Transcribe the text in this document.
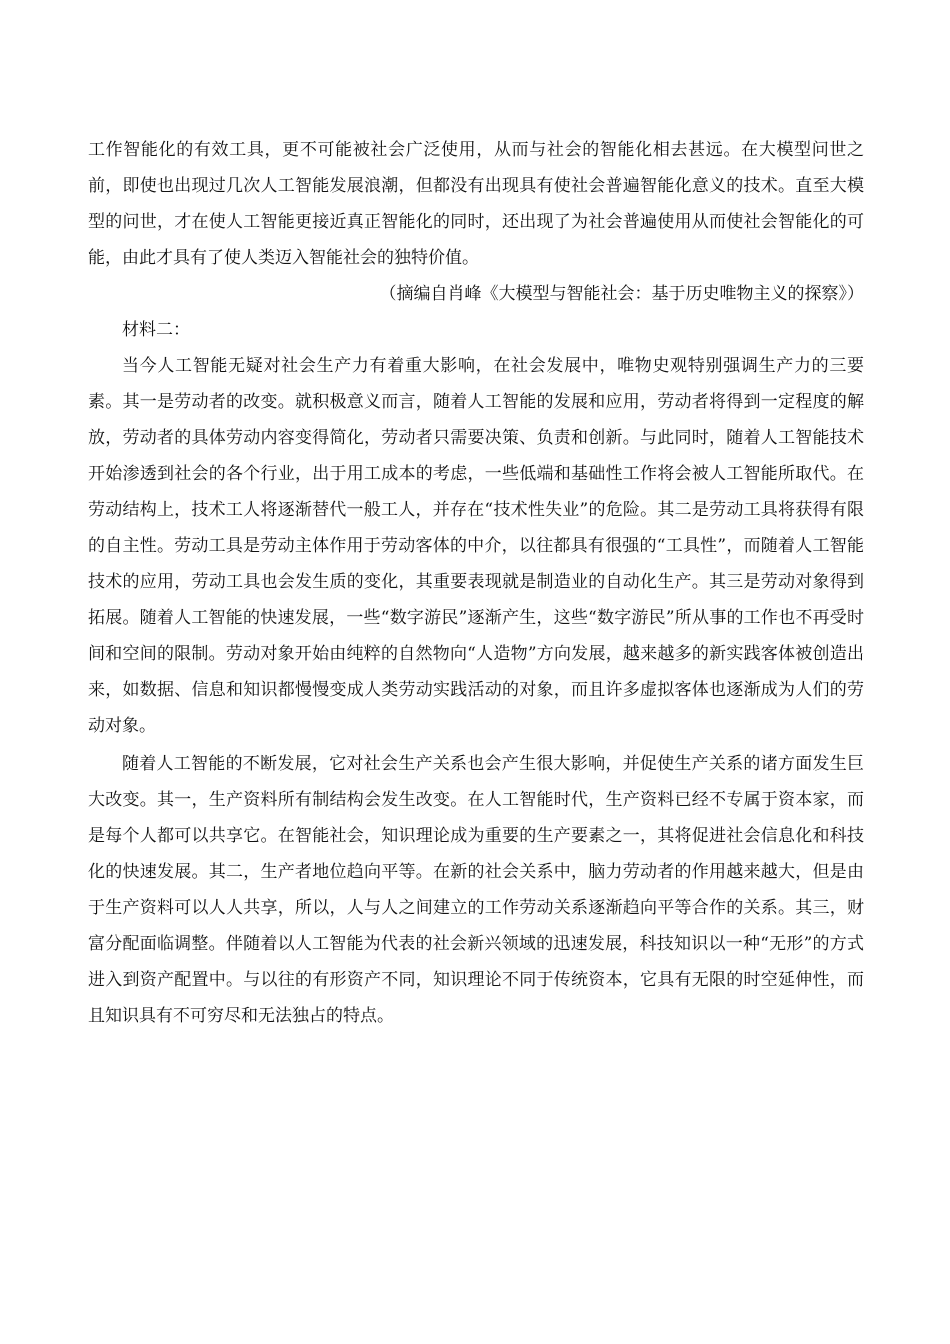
工作智能化的有效工具，更不可能被社会广泛使用，从而与社会的智能化相去甚远。在大模型问世之前，即使也出现过几次人工智能发展浪潮，但都没有出现具有使社会普遍智能化意义的技术。直至大模型的问世，才在使人工智能更接近真正智能化的同时，还出现了为社会普遍使用从而使社会智能化的可能，由此才具有了使人类迈入智能社会的独特价值。

（摘编自肖峰《大模型与智能社会：基于历史唯物主义的探察》）

材料二：

当今人工智能无疑对社会生产力有着重大影响，在社会发展中，唯物史观特别强调生产力的三要素。其一是劳动者的改变。就积极意义而言，随着人工智能的发展和应用，劳动者将得到一定程度的解放，劳动者的具体劳动内容变得简化，劳动者只需要决策、负责和创新。与此同时，随着人工智能技术开始渗透到社会的各个行业，出于用工成本的考虑，一些低端和基础性工作将会被人工智能所取代。在劳动结构上，技术工人将逐渐替代一般工人，并存在“技术性失业”的危险。其二是劳动工具将获得有限的自主性。劳动工具是劳动主体作用于劳动客体的中介，以往都具有很强的“工具性”，而随着人工智能技术的应用，劳动工具也会发生质的变化，其重要表现就是制造业的自动化生产。其三是劳动对象得到拓展。随着人工智能的快速发展，一些“数字游民”逐渐产生，这些“数字游民”所从事的工作也不再受时间和空间的限制。劳动对象开始由纯粹的自然物向“人造物”方向发展，越来越多的新实践客体被创造出来，如数据、信息和知识都慢慢变成人类劳动实践活动的对象，而且许多虚拟客体也逐渐成为人们的劳动对象。

随着人工智能的不断发展，它对社会生产关系也会产生很大影响，并促使生产关系的诸方面发生巨大改变。其一，生产资料所有制结构会发生改变。在人工智能时代，生产资料已经不专属于资本家，而是每个人都可以共享它。在智能社会，知识理论成为重要的生产要素之一，其将促进社会信息化和科技化的快速发展。其二，生产者地位趋向平等。在新的社会关系中，脑力劳动者的作用越来越大，但是由于生产资料可以人人共享，所以，人与人之间建立的工作劳动关系逐渐趋向平等合作的关系。其三，财富分配面临调整。伴随着以人工智能为代表的社会新兴领域的迅速发展，科技知识以一种“无形”的方式进入到资产配置中。与以往的有形资产不同，知识理论不同于传统资本，它具有无限的时空延伸性，而且知识具有不可穷尽和无法独占的特点。
